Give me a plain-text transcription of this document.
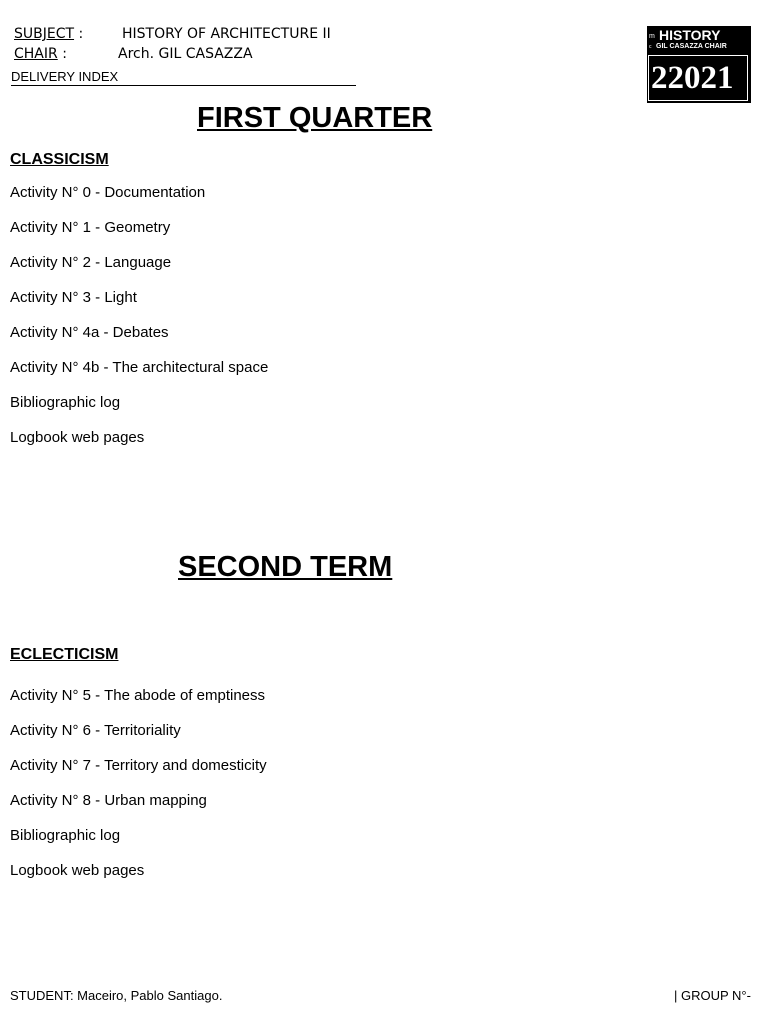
SUBJECT :	HISTORY OF ARCHITECTURE II
CHAIR :	Arch. GIL CASAZZA
DELIVERY INDEX
m HISTORY
c GIL CASAZZA CHAIR
22021
FIRST QUARTER
CLASSICISM
Activity N° 0 - Documentation
Activity N° 1 - Geometry
Activity N° 2 - Language
Activity N° 3 - Light
Activity N° 4a - Debates
Activity N° 4b - The architectural space
Bibliographic log
Logbook web pages
SECOND TERM
ECLECTICISM
Activity N° 5 - The abode of emptiness
Activity N° 6 - Territoriality
Activity N° 7 - Territory and domesticity
Activity N° 8 - Urban mapping
Bibliographic log
Logbook web pages
STUDENT: Maceiro, Pablo Santiago.	| GROUP N°-
